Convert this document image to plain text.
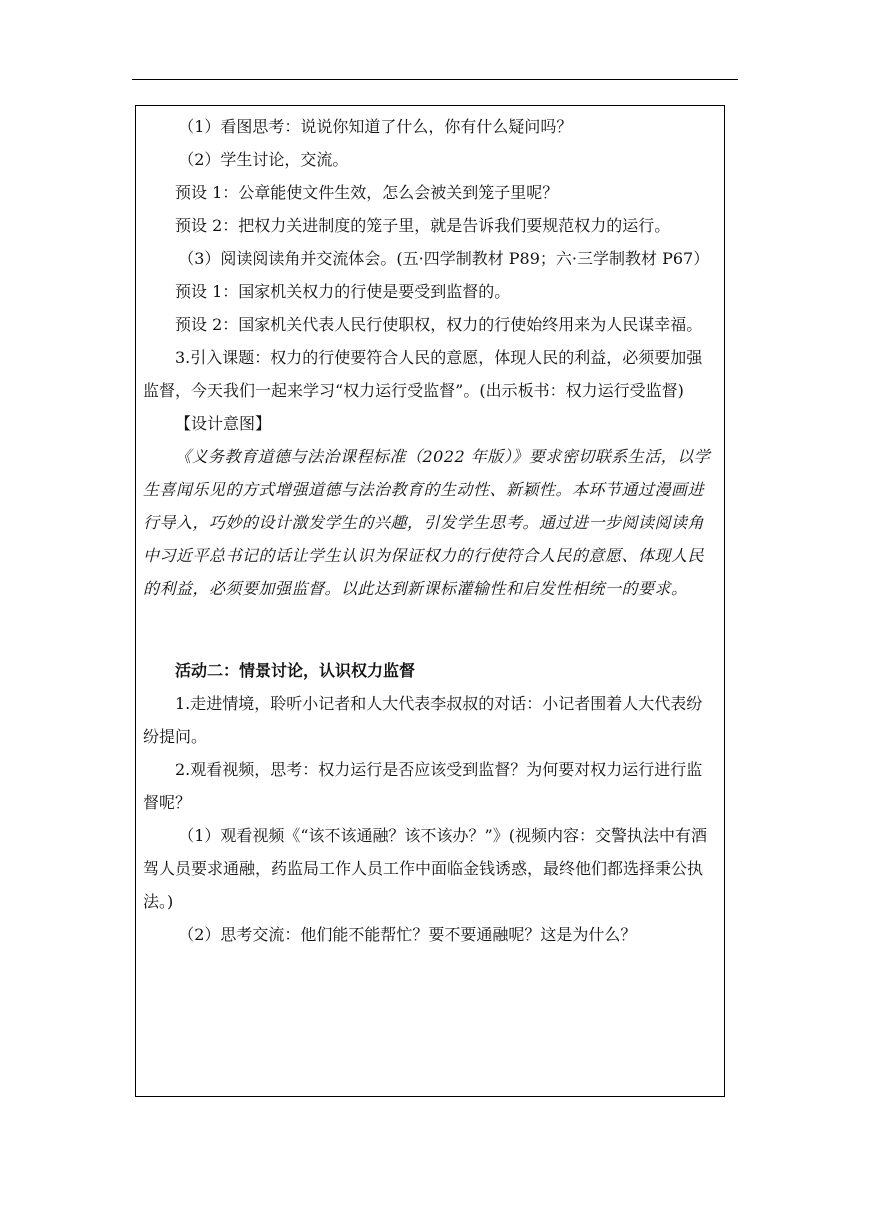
（1）看图思考：说说你知道了什么，你有什么疑问吗？

（2）学生讨论，交流。

预设 1：公章能使文件生效，怎么会被关到笼子里呢？

预设 2：把权力关进制度的笼子里，就是告诉我们要规范权力的运行。

（3）阅读阅读角并交流体会。(五·四学制教材 P89；六·三学制教材 P67）

预设 1：国家机关权力的行使是要受到监督的。

预设 2：国家机关代表人民行使职权，权力的行使始终用来为人民谋幸福。

3.引入课题：权力的行使要符合人民的意愿，体现人民的利益，必须要加强监督，今天我们一起来学习“权力运行受监督”。(出示板书：权力运行受监督)

【设计意图】

《义务教育道德与法治课程标准（2022 年版）》要求密切联系生活，以学生喜闻乐见的方式增强道德与法治教育的生动性、新颖性。本环节通过漫画进行导入，巧妙的设计激发学生的兴趣，引发学生思考。通过进一步阅读阅读角中习近平总书记的话让学生认识为保证权力的行使符合人民的意愿、体现人民的利益，必须要加强监督。以此达到新课标灌输性和启发性相统一的要求。

活动二：情景讨论，认识权力监督

1.走进情境，聆听小记者和人大代表李叔叔的对话：小记者围着人大代表纷纷提问。

2.观看视频，思考：权力运行是否应该受到监督？为何要对权力运行进行监督呢？

（1）观看视频《“该不该通融？该不该办？”》(视频内容：交警执法中有酒驾人员要求通融，药监局工作人员工作中面临金钱诱惑，最终他们都选择秉公执法。)

（2）思考交流：他们能不能帮忙？要不要通融呢？这是为什么？
